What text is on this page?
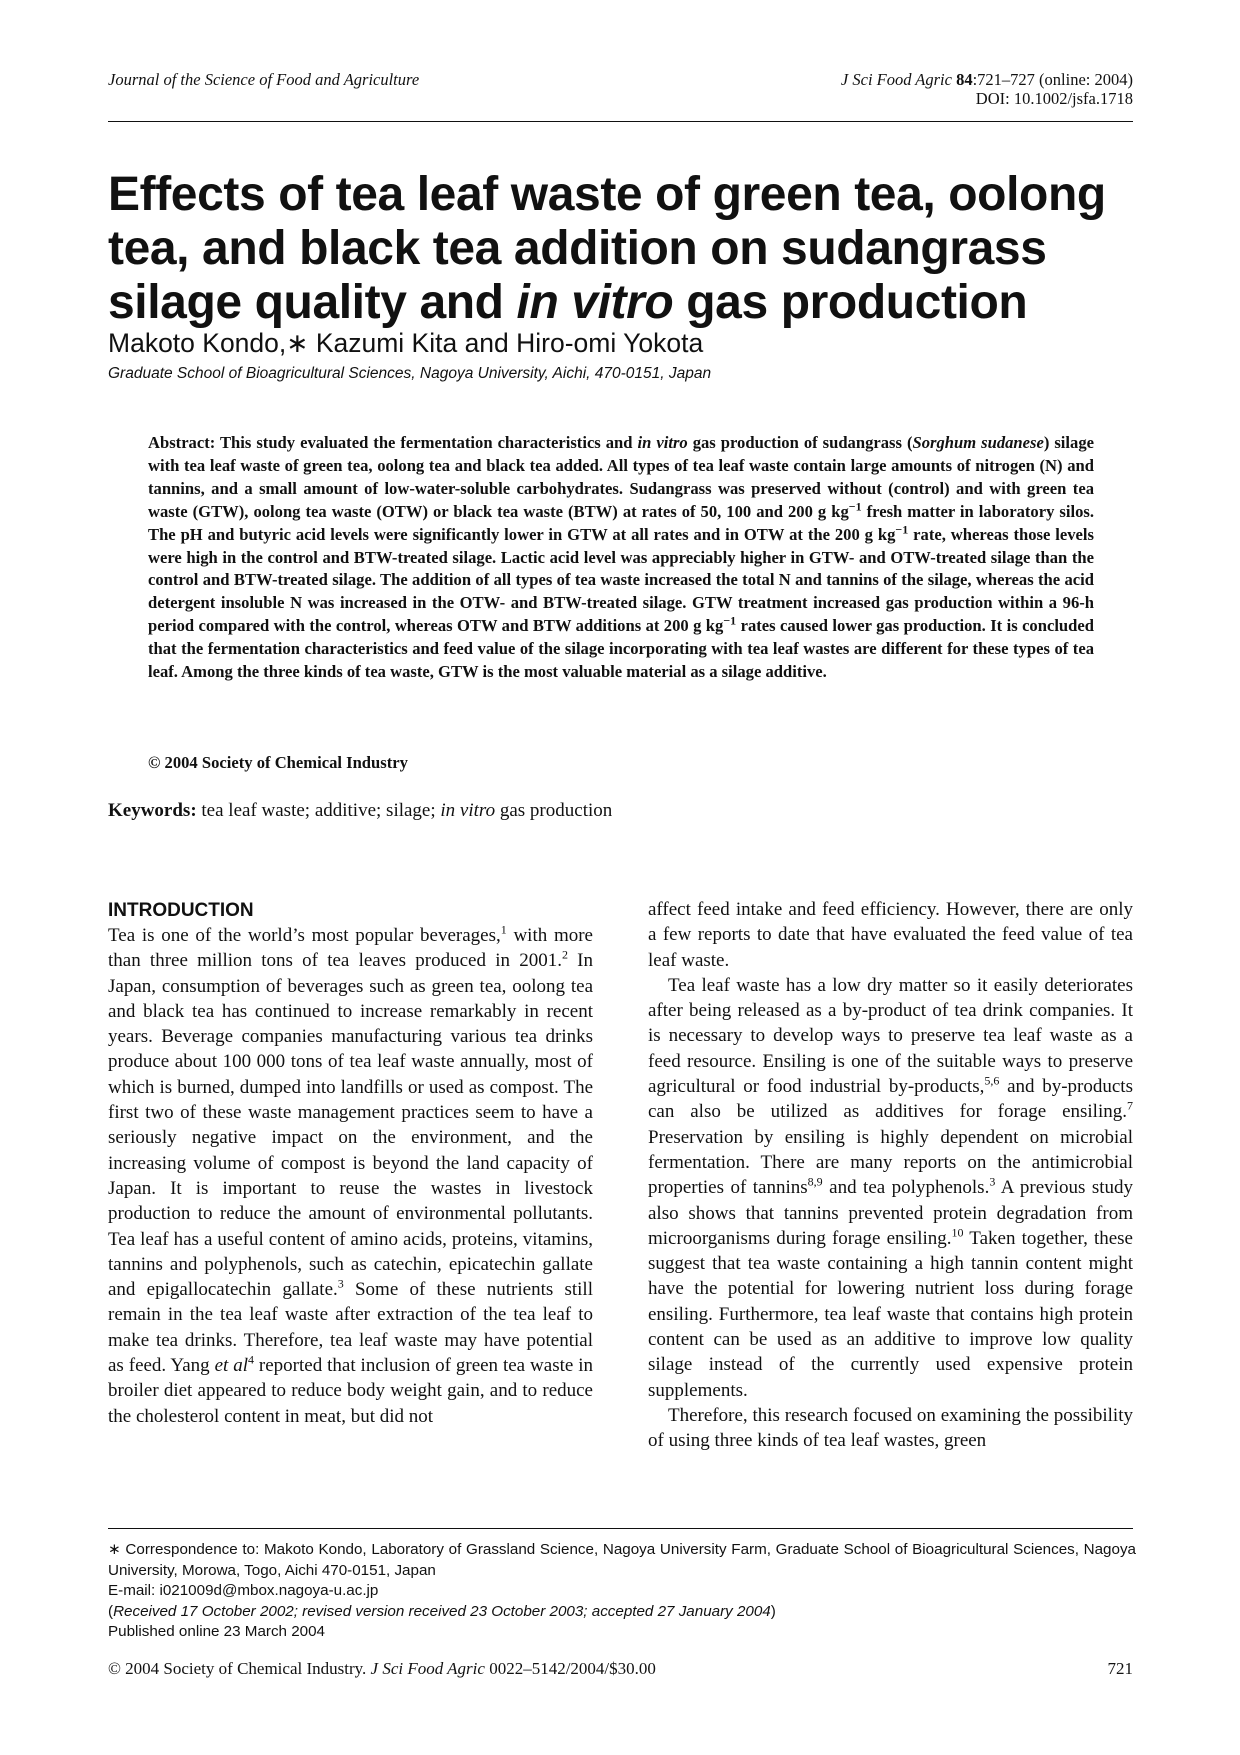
Journal of the Science of Food and Agriculture	J Sci Food Agric 84:721–727 (online: 2004)
DOI: 10.1002/jsfa.1718
Effects of tea leaf waste of green tea, oolong tea, and black tea addition on sudangrass silage quality and in vitro gas production
Makoto Kondo,∗ Kazumi Kita and Hiro-omi Yokota
Graduate School of Bioagricultural Sciences, Nagoya University, Aichi, 470-0151, Japan
Abstract: This study evaluated the fermentation characteristics and in vitro gas production of sudangrass (Sorghum sudanese) silage with tea leaf waste of green tea, oolong tea and black tea added. All types of tea leaf waste contain large amounts of nitrogen (N) and tannins, and a small amount of low-water-soluble carbohydrates. Sudangrass was preserved without (control) and with green tea waste (GTW), oolong tea waste (OTW) or black tea waste (BTW) at rates of 50, 100 and 200 g $kg^{-1}$ fresh matter in laboratory silos. The pH and butyric acid levels were significantly lower in GTW at all rates and in OTW at the 200 g $kg^{-1}$ rate, whereas those levels were high in the control and BTW-treated silage. Lactic acid level was appreciably higher in GTW- and OTW-treated silage than the control and BTW-treated silage. The addition of all types of tea waste increased the total N and tannins of the silage, whereas the acid detergent insoluble N was increased in the OTW- and BTW-treated silage. GTW treatment increased gas production within a 96-h period compared with the control, whereas OTW and BTW additions at 200 g $kg^{-1}$ rates caused lower gas production. It is concluded that the fermentation characteristics and feed value of the silage incorporating with tea leaf wastes are different for these types of tea leaf. Among the three kinds of tea waste, GTW is the most valuable material as a silage additive.
© 2004 Society of Chemical Industry
Keywords: tea leaf waste; additive; silage; in vitro gas production
INTRODUCTION

Tea is one of the world’s most popular beverages,$^1$ with more than three million tons of tea leaves produced in 2001.$^2$ In Japan, consumption of beverages such as green tea, oolong tea and black tea has continued to increase remarkably in recent years. Beverage companies manufacturing various tea drinks produce about 100 000 tons of tea leaf waste annually, most of which is burned, dumped into landfills or used as compost. The first two of these waste management practices seem to have a seriously negative impact on the environment, and the increasing volume of compost is beyond the land capacity of Japan. It is important to reuse the wastes in livestock production to reduce the amount of environmental pollutants. Tea leaf has a useful content of amino acids, proteins, vitamins, tannins and polyphenols, such as catechin, epicatechin gallate and epigallocatechin gallate.$^3$ Some of these nutrients still remain in the tea leaf waste after extraction of the tea leaf to make tea drinks. Therefore, tea leaf waste may have potential as feed. Yang et $al^4$ reported that inclusion of green tea waste in broiler diet appeared to reduce body weight gain, and to reduce the cholesterol content in meat, but did not

affect feed intake and feed efficiency. However, there are only a few reports to date that have evaluated the feed value of tea leaf waste.

Tea leaf waste has a low dry matter so it easily deteriorates after being released as a by-product of tea drink companies. It is necessary to develop ways to preserve tea leaf waste as a feed resource. Ensiling is one of the suitable ways to preserve agricultural or food industrial by-products,$^{5,6}$ and by-products can also be utilized as additives for forage ensiling.$^7$ Preservation by ensiling is highly dependent on microbial fermentation. There are many reports on the antimicrobial properties of tannins$^{8,9}$ and tea polyphenols.$^3$ A previous study also shows that tannins prevented protein degradation from microorganisms during forage ensiling.$^{10}$ Taken together, these suggest that tea waste containing a high tannin content might have the potential for lowering nutrient loss during forage ensiling. Furthermore, tea leaf waste that contains high protein content can be used as an additive to improve low quality silage instead of the currently used expensive protein supplements.

Therefore, this research focused on examining the possibility of using three kinds of tea leaf wastes, green

∗ Correspondence to: Makoto Kondo, Laboratory of Grassland Science, Nagoya University Farm, Graduate School of Bioagricultural Sciences, Nagoya University, Morowa, Togo, Aichi 470-0151, Japan

E-mail: i021009d@mbox.nagoya-u.ac.jp

(Received 17 October 2002; revised version received 23 October 2003; accepted 27 January 2004)

Published online 23 March 2004

© 2004 Society of Chemical Industry. J Sci Food Agric 0022–5142/2004/$30.00	721
